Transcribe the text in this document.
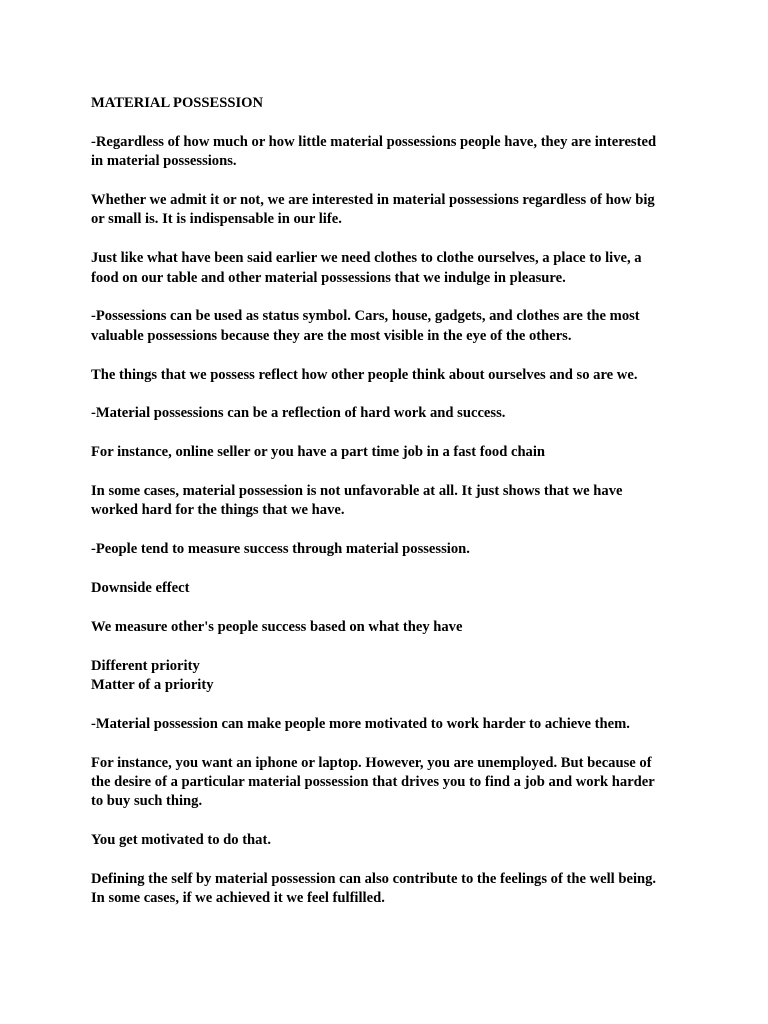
MATERIAL POSSESSION

-Regardless of how much or how little material possessions people have, they are interested
in material possessions.

Whether we admit it or not, we are interested in material possessions regardless of how big
or small is. It is indispensable in our life.

Just like what have been said earlier we need clothes to clothe ourselves, a place to live, a
food on our table and other material possessions that we indulge in pleasure.

-Possessions can be used as status symbol. Cars, house, gadgets, and clothes are the most
valuable possessions because they are the most visible in the eye of the others.

The things that we possess reflect how other people think about ourselves and so are we.

-Material possessions can be a reflection of hard work and success.

For instance, online seller or you have a part time job in a fast food chain

In some cases, material possession is not unfavorable at all. It just shows that we have
worked hard for the things that we have.

-People tend to measure success through material possession.

Downside effect

We measure other's people success based on what they have

Different priority
Matter of a priority

-Material possession can make people more motivated to work harder to achieve them.

For instance, you want an iphone or laptop. However, you are unemployed. But because of
the desire of a particular material possession that drives you to find a job and work harder
to buy such thing.

You get motivated to do that.

Defining the self by material possession can also contribute to the feelings of the well being.
In some cases, if we achieved it we feel fulfilled.
